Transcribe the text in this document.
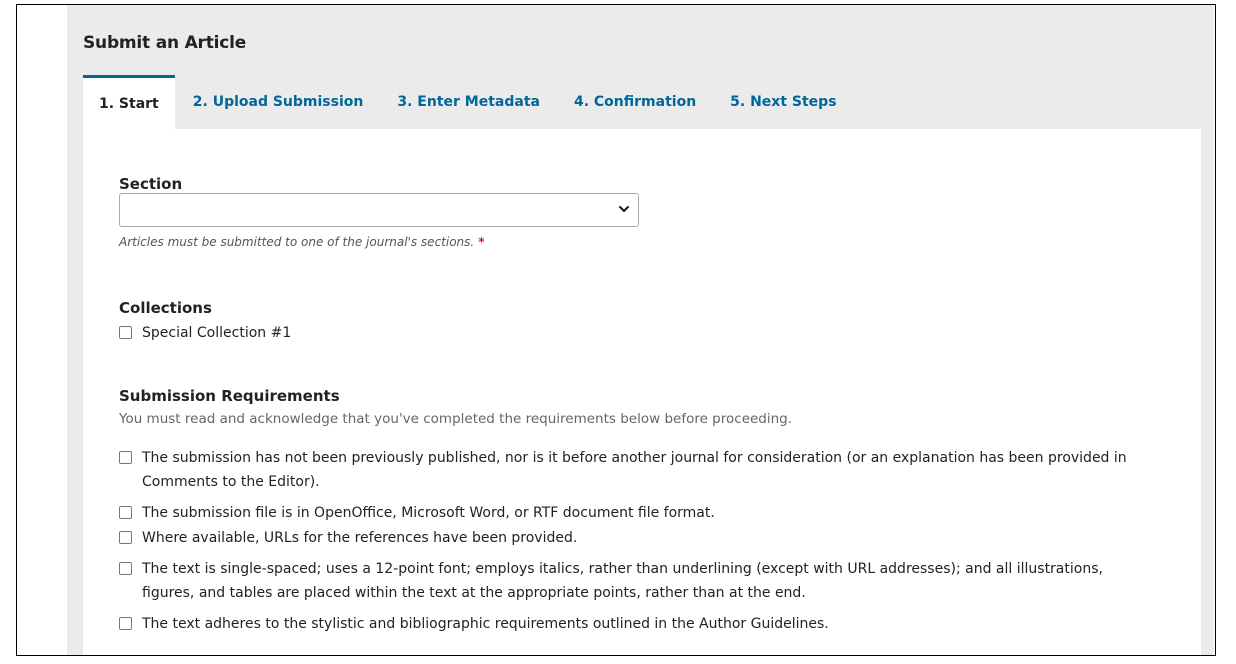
Submit an Article
1. Start	2. Upload Submission	3. Enter Metadata	4. Confirmation	5. Next Steps
Section
Articles must be submitted to one of the journal's sections. *
Collections
Special Collection #1
Submission Requirements
You must read and acknowledge that you've completed the requirements below before proceeding.
The submission has not been previously published, nor is it before another journal for consideration (or an explanation has been provided in Comments to the Editor).
The submission file is in OpenOffice, Microsoft Word, or RTF document file format.
Where available, URLs for the references have been provided.
The text is single-spaced; uses a 12-point font; employs italics, rather than underlining (except with URL addresses); and all illustrations, figures, and tables are placed within the text at the appropriate points, rather than at the end.
The text adheres to the stylistic and bibliographic requirements outlined in the Author Guidelines.
